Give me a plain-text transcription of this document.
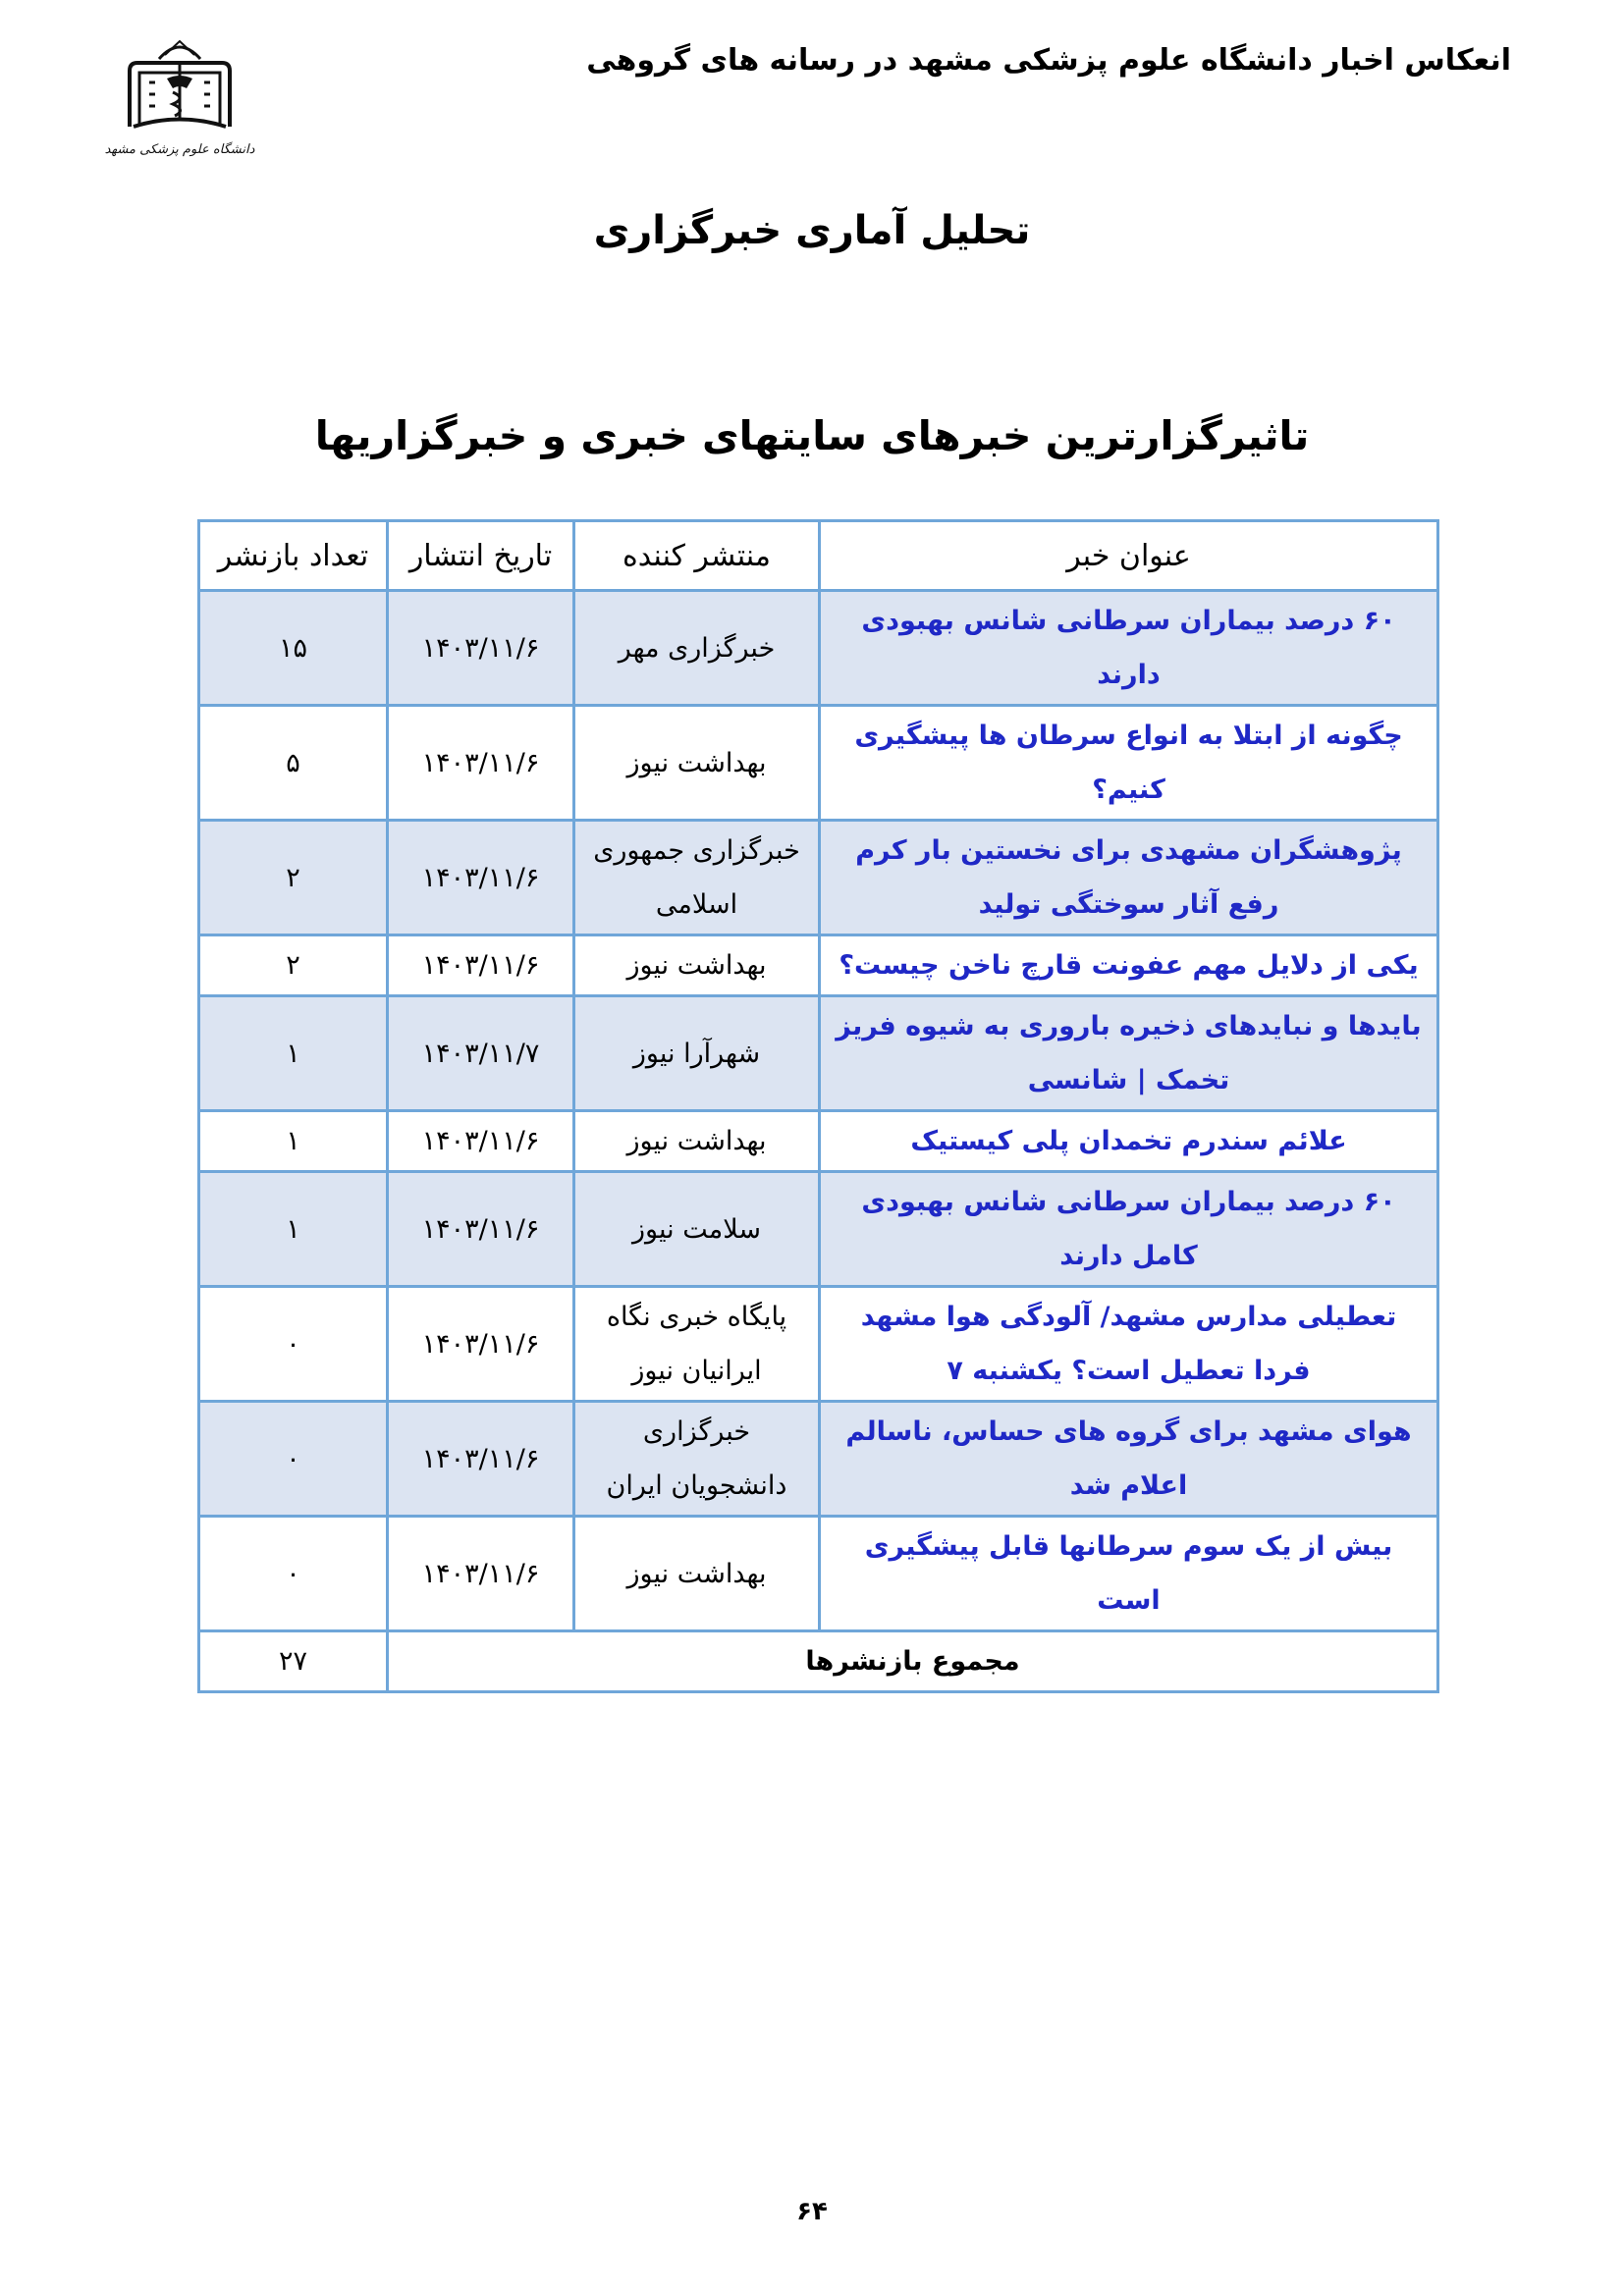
انعکاس اخبار دانشگاه علوم پزشکی مشهد در رسانه های گروهی
دانشگاه علوم پزشکی مشهد
تحلیل آماری خبرگزاری
تاثیرگزارترین خبرهای سایتهای خبری و خبرگزاریها
عنوان خبر	منتشر کننده	تاریخ انتشار	تعداد بازنشر
۶۰ درصد بیماران سرطانی شانس بهبودی دارند	خبرگزاری مهر	۱۴۰۳/۱۱/۶	۱۵
چگونه از ابتلا به انواع سرطان ها پیشگیری کنیم؟	بهداشت نیوز	۱۴۰۳/۱۱/۶	۵
پژوهشگران مشهدی برای نخستین بار کرم رفع آثار سوختگی تولید	خبرگزاری جمهوری اسلامی	۱۴۰۳/۱۱/۶	۲
یکی از دلایل مهم عفونت قارچ ناخن چیست؟	بهداشت نیوز	۱۴۰۳/۱۱/۶	۲
بایدها و نبایدهای ذخیره باروری به شیوه فریز تخمک | شانسی	شهرآرا نیوز	۱۴۰۳/۱۱/۷	۱
علائم سندرم تخمدان پلی کیستیک	بهداشت نیوز	۱۴۰۳/۱۱/۶	۱
۶۰ درصد بیماران سرطانی شانس بهبودی کامل دارند	سلامت نیوز	۱۴۰۳/۱۱/۶	۱
تعطیلی مدارس مشهد/ آلودگی هوا مشهد فردا تعطیل است؟ یکشنبه ۷	پایگاه خبری نگاه ایرانیان نیوز	۱۴۰۳/۱۱/۶	۰
هوای مشهد برای گروه های حساس، ناسالم اعلام شد	خبرگزاری دانشجویان ایران	۱۴۰۳/۱۱/۶	۰
بیش از یک سوم سرطانها قابل پیشگیری است	بهداشت نیوز	۱۴۰۳/۱۱/۶	۰
مجموع بازنشرها			۲۷
۶۴
